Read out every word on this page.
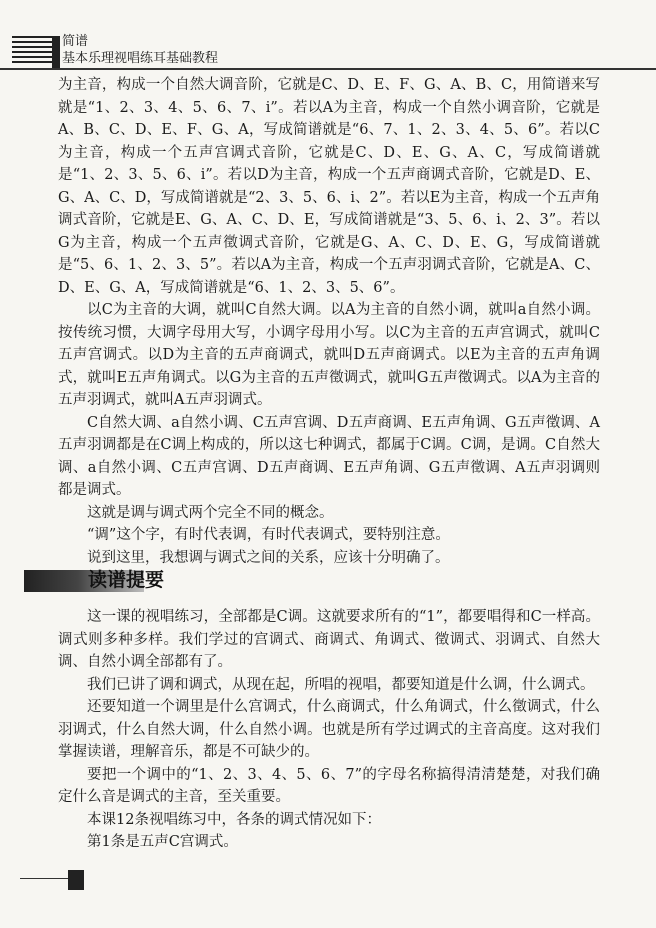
简谱
基本乐理视唱练耳基础教程

为主音，构成一个自然大调音阶，它就是C、D、E、F、G、A、B、C，用简谱来写就是“1、2、3、4、5、6、7、i”。若以A为主音，构成一个自然小调音阶，它就是A、B、C、D、E、F、G、A，写成简谱就是“6、7、1、2、3、4、5、6”。若以C为主音，构成一个五声宫调式音阶，它就是C、D、E、G、A、C，写成简谱就是“1、2、3、5、6、i”。若以D为主音，构成一个五声商调式音阶，它就是D、E、G、A、C、D，写成简谱就是“2、3、5、6、i、2”。若以E为主音，构成一个五声角调式音阶，它就是E、G、A、C、D、E，写成简谱就是“3、5、6、i、2、3”。若以G为主音，构成一个五声徵调式音阶，它就是G、A、C、D、E、G，写成简谱就是“5、6、1、2、3、5”。若以A为主音，构成一个五声羽调式音阶，它就是A、C、D、E、G、A，写成简谱就是“6、1、2、3、5、6”。

以C为主音的大调，就叫C自然大调。以A为主音的自然小调，就叫a自然小调。按传统习惯，大调字母用大写，小调字母用小写。以C为主音的五声宫调式，就叫C五声宫调式。以D为主音的五声商调式，就叫D五声商调式。以E为主音的五声角调式，就叫E五声角调式。以G为主音的五声徵调式，就叫G五声徵调式。以A为主音的五声羽调式，就叫A五声羽调式。

C自然大调、a自然小调、C五声宫调、D五声商调、E五声角调、G五声徵调、A五声羽调都是在C调上构成的，所以这七种调式，都属于C调。C调，是调。C自然大调、a自然小调、C五声宫调、D五声商调、E五声角调、G五声徵调、A五声羽调则都是调式。

这就是调与调式两个完全不同的概念。

“调”这个字，有时代表调，有时代表调式，要特别注意。

说到这里，我想调与调式之间的关系，应该十分明确了。

读谱提要

这一课的视唱练习，全部都是C调。这就要求所有的“1”，都要唱得和C一样高。调式则多种多样。我们学过的宫调式、商调式、角调式、徵调式、羽调式、自然大调、自然小调全部都有了。

我们已讲了调和调式，从现在起，所唱的视唱，都要知道是什么调，什么调式。

还要知道一个调里是什么宫调式，什么商调式，什么角调式，什么徵调式，什么羽调式，什么自然大调，什么自然小调。也就是所有学过调式的主音高度。这对我们掌握读谱，理解音乐，都是不可缺少的。

要把一个调中的“1、2、3、4、5、6、7”的字母名称搞得清清楚楚，对我们确定什么音是调式的主音，至关重要。

本课12条视唱练习中，各条的调式情况如下：

第1条是五声C宫调式。
